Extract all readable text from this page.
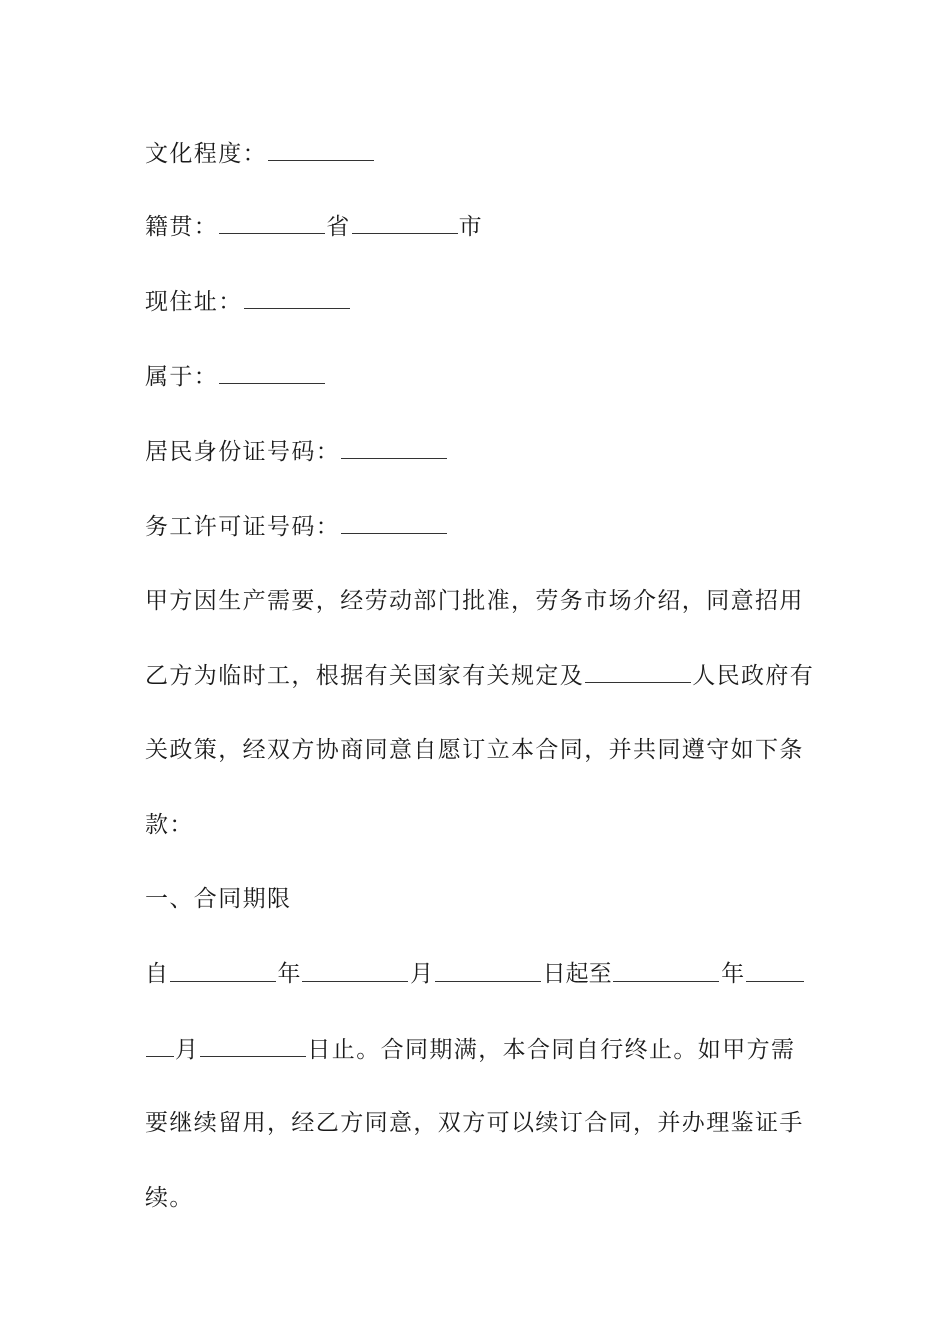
文化程度：
籍贯：	省	市
现住址：
属于：
居民身份证号码：
务工许可证号码：
甲方因生产需要，经劳动部门批准，劳务市场介绍，同意招用
乙方为临时工，根据有关国家有关规定及	人民政府有
关政策，经双方协商同意自愿订立本合同，并共同遵守如下条
款：
一、合同期限
自	年	月	日起至	年
月	日止。合同期满，本合同自行终止。如甲方需
要继续留用，经乙方同意，双方可以续订合同，并办理鉴证手
续。
